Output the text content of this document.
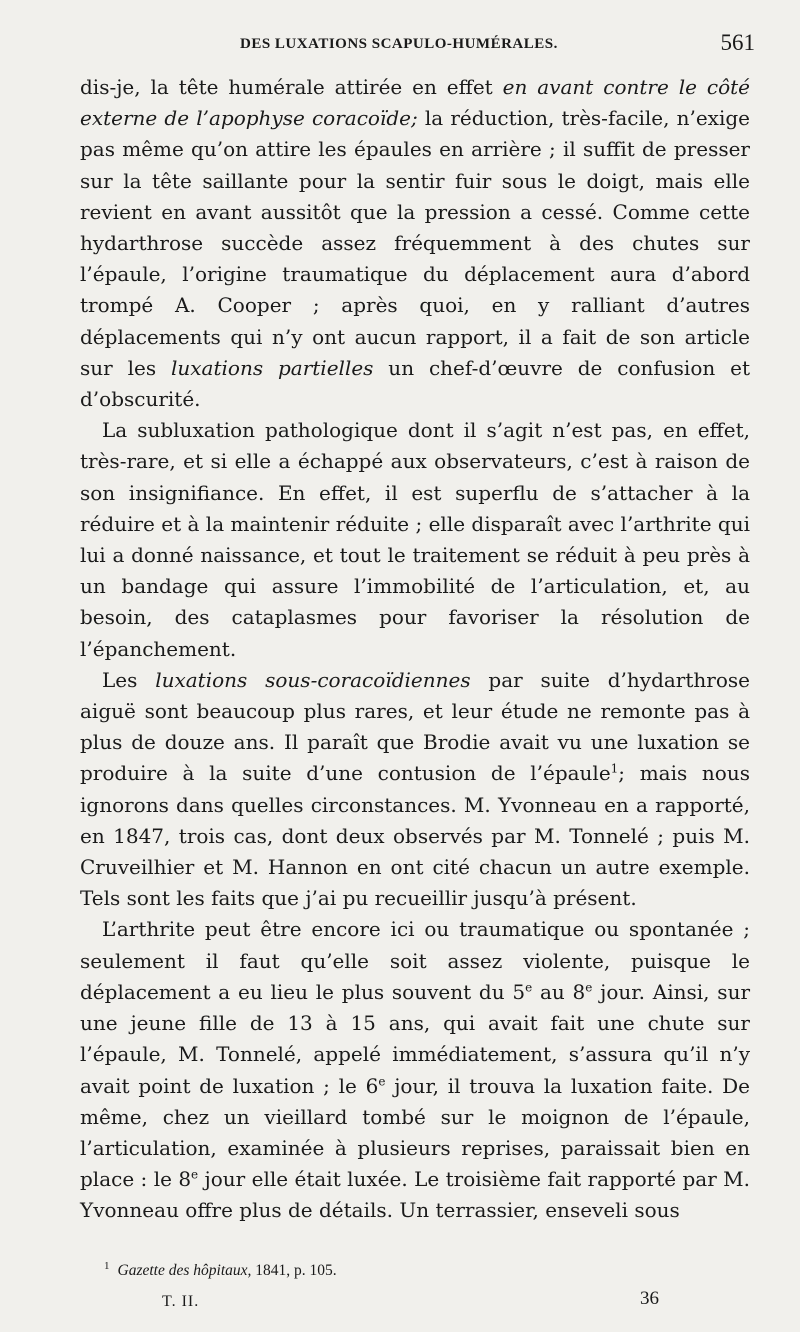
DES LUXATIONS SCAPULO-HUMÉRALES.	561

dis-je, la tête humérale attirée en effet en avant contre le côté externe de l’apophyse coracoïde; la réduction, très-facile, n’exige pas même qu’on attire les épaules en arrière ; il suffit de presser sur la tête saillante pour la sentir fuir sous le doigt, mais elle revient en avant aussitôt que la pression a cessé. Comme cette hydarthrose succède assez fréquemment à des chutes sur l’épaule, l’origine traumatique du déplacement aura d’abord trompé A. Cooper ; après quoi, en y ralliant d’autres déplacements qui n’y ont aucun rapport, il a fait de son article sur les luxations partielles un chef-d’œuvre de confusion et d’obscurité.

La subluxation pathologique dont il s’agit n’est pas, en effet, très-rare, et si elle a échappé aux observateurs, c’est à raison de son insignifiance. En effet, il est superflu de s’attacher à la réduire et à la maintenir réduite ; elle disparaît avec l’arthrite qui lui a donné naissance, et tout le traitement se réduit à peu près à un bandage qui assure l’immobilité de l’articulation, et, au besoin, des cataplasmes pour favoriser la résolution de l’épanchement.

Les luxations sous-coracoïdiennes par suite d’hydarthrose aiguë sont beaucoup plus rares, et leur étude ne remonte pas à plus de douze ans. Il paraît que Brodie avait vu une luxation se produire à la suite d’une contusion de l’épaule$^1$; mais nous ignorons dans quelles circonstances. M. Yvonneau en a rapporté, en 1847, trois cas, dont deux observés par M. Tonnelé ; puis M. Cruveilhier et M. Hannon en ont cité chacun un autre exemple. Tels sont les faits que j’ai pu recueillir jusqu’à présent.

L’arthrite peut être encore ici ou traumatique ou spontanée ; seulement il faut qu’elle soit assez violente, puisque le déplacement a eu lieu le plus souvent du 5e au 8e jour. Ainsi, sur une jeune fille de 13 à 15 ans, qui avait fait une chute sur l’épaule, M. Tonnelé, appelé immédiatement, s’assura qu’il n’y avait point de luxation ; le 6e jour, il trouva la luxation faite. De même, chez un vieillard tombé sur le moignon de l’épaule, l’articulation, examinée à plusieurs reprises, paraissait bien en place : le 8e jour elle était luxée. Le troisième fait rapporté par M. Yvonneau offre plus de détails. Un terrassier, enseveli sous

$^1$ Gazette des hôpitaux, 1841, p. 105.
T. II.	36
